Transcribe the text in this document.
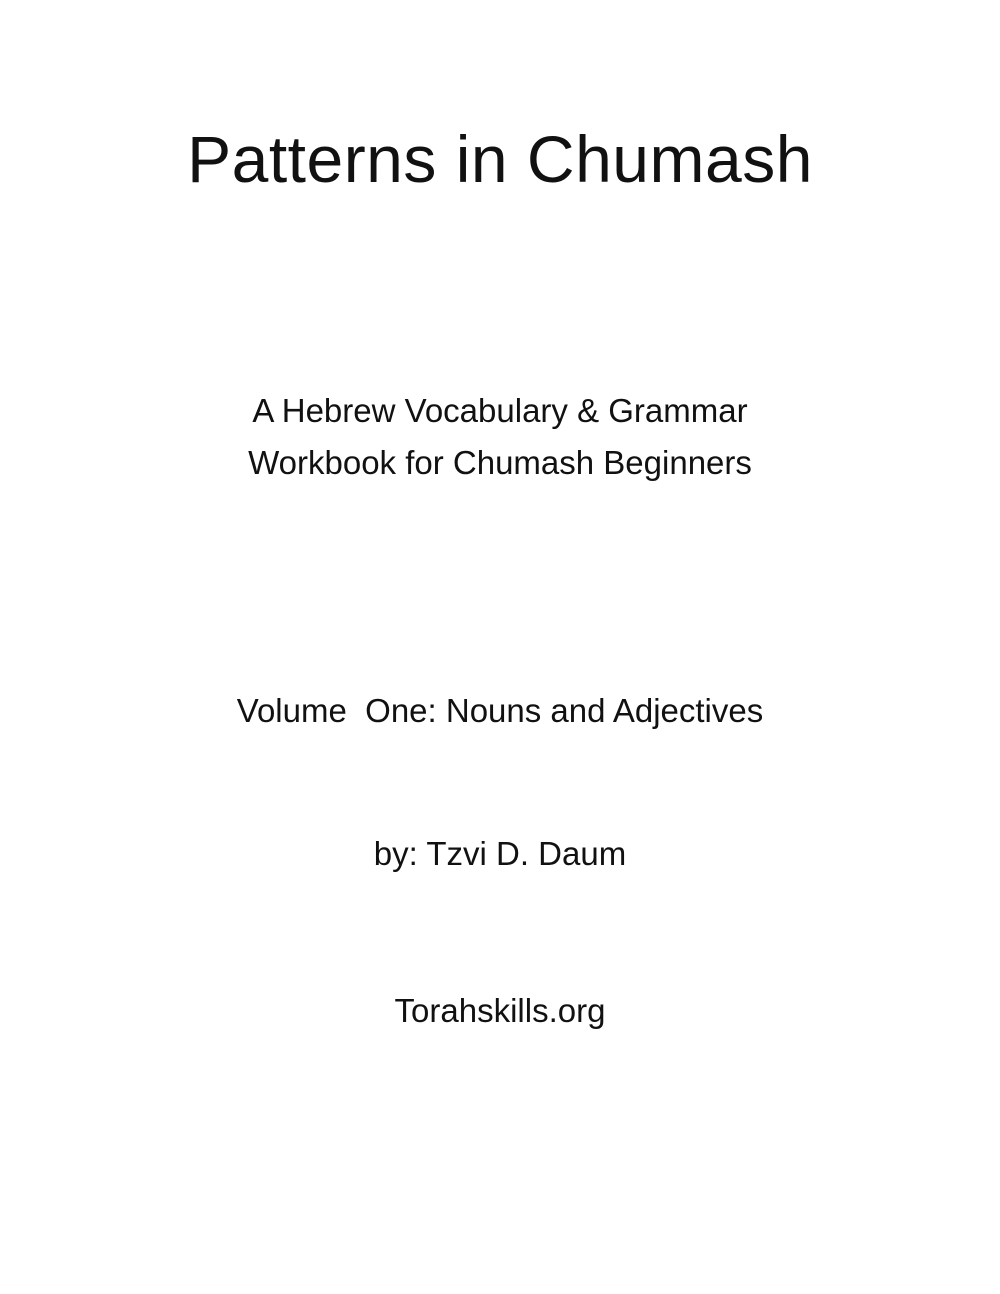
Patterns in Chumash
A Hebrew Vocabulary & Grammar
Workbook for Chumash Beginners
Volume  One: Nouns and Adjectives
by: Tzvi D. Daum
Torahskills.org
